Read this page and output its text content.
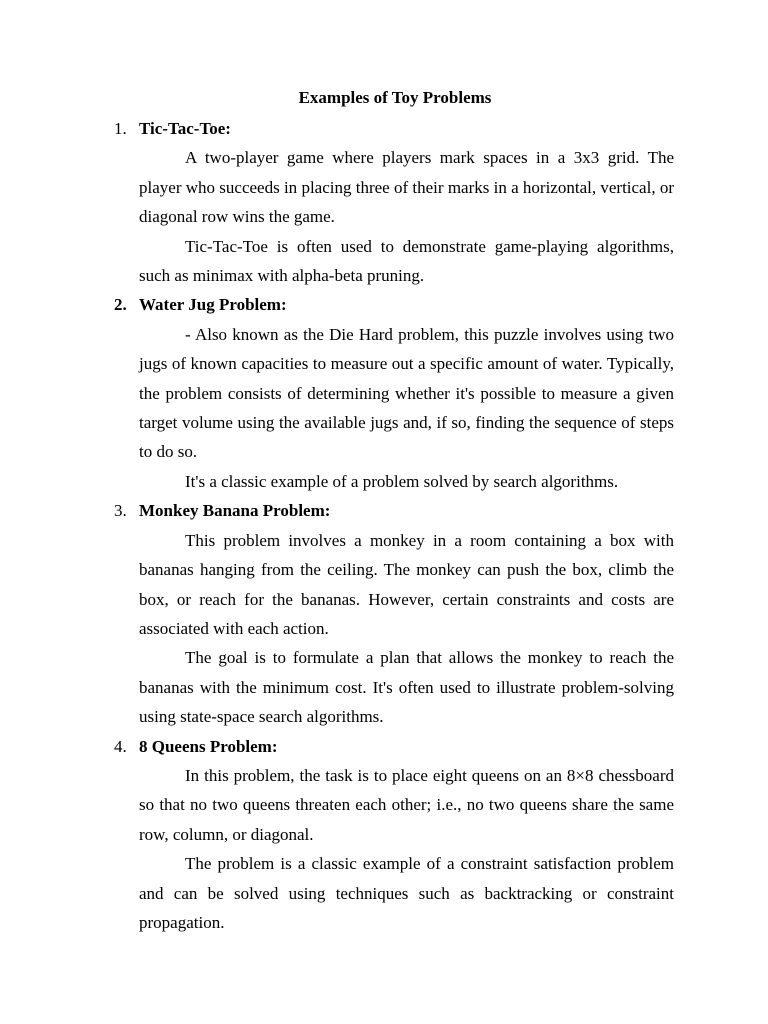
Examples of Toy Problems

1. Tic-Tac-Toe:

A two-player game where players mark spaces in a 3x3 grid. The player who succeeds in placing three of their marks in a horizontal, vertical, or diagonal row wins the game.

Tic-Tac-Toe is often used to demonstrate game-playing algorithms, such as minimax with alpha-beta pruning.

2. Water Jug Problem:

- Also known as the Die Hard problem, this puzzle involves using two jugs of known capacities to measure out a specific amount of water. Typically, the problem consists of determining whether it's possible to measure a given target volume using the available jugs and, if so, finding the sequence of steps to do so.

It's a classic example of a problem solved by search algorithms.

3. Monkey Banana Problem:

This problem involves a monkey in a room containing a box with bananas hanging from the ceiling. The monkey can push the box, climb the box, or reach for the bananas. However, certain constraints and costs are associated with each action.

The goal is to formulate a plan that allows the monkey to reach the bananas with the minimum cost. It's often used to illustrate problem-solving using state-space search algorithms.

4. 8 Queens Problem:

In this problem, the task is to place eight queens on an 8×8 chessboard so that no two queens threaten each other; i.e., no two queens share the same row, column, or diagonal.

The problem is a classic example of a constraint satisfaction problem and can be solved using techniques such as backtracking or constraint propagation.
